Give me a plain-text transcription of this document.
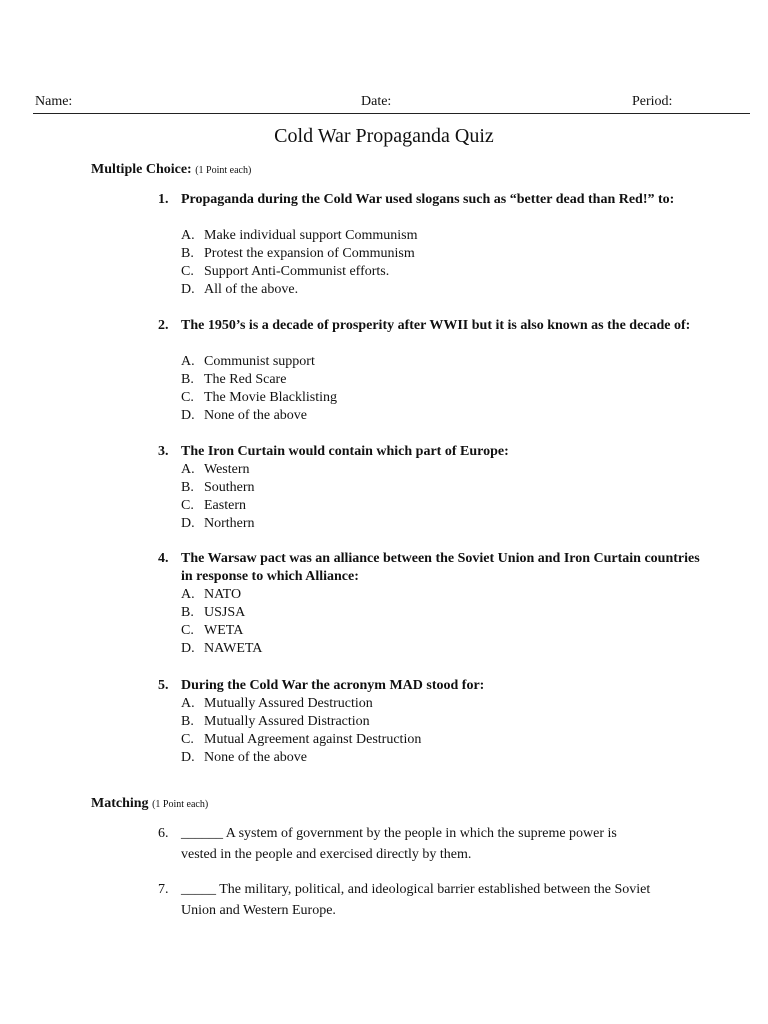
Name:	Date:	Period:
Cold War Propaganda Quiz
Multiple Choice: (1 Point each)
1. Propaganda during the Cold War used slogans such as “better dead than Red!” to:
A. Make individual support Communism
B. Protest the expansion of Communism
C. Support Anti-Communist efforts.
D. All of the above.
2. The 1950’s is a decade of prosperity after WWII but it is also known as the decade of:
A. Communist support
B. The Red Scare
C. The Movie Blacklisting
D. None of the above
3. The Iron Curtain would contain which part of Europe:
A. Western
B. Southern
C. Eastern
D. Northern
4. The Warsaw pact was an alliance between the Soviet Union and Iron Curtain countries in response to which Alliance:
A. NATO
B. USJSA
C. WETA
D. NAWETA
5. During the Cold War the acronym MAD stood for:
A. Mutually Assured Destruction
B. Mutually Assured Distraction
C. Mutual Agreement against Destruction
D. None of the above
Matching (1 Point each)
6. ______ A system of government by the people in which the supreme power is vested in the people and exercised directly by them.
7. _____ The military, political, and ideological barrier established between the Soviet Union and Western Europe.
